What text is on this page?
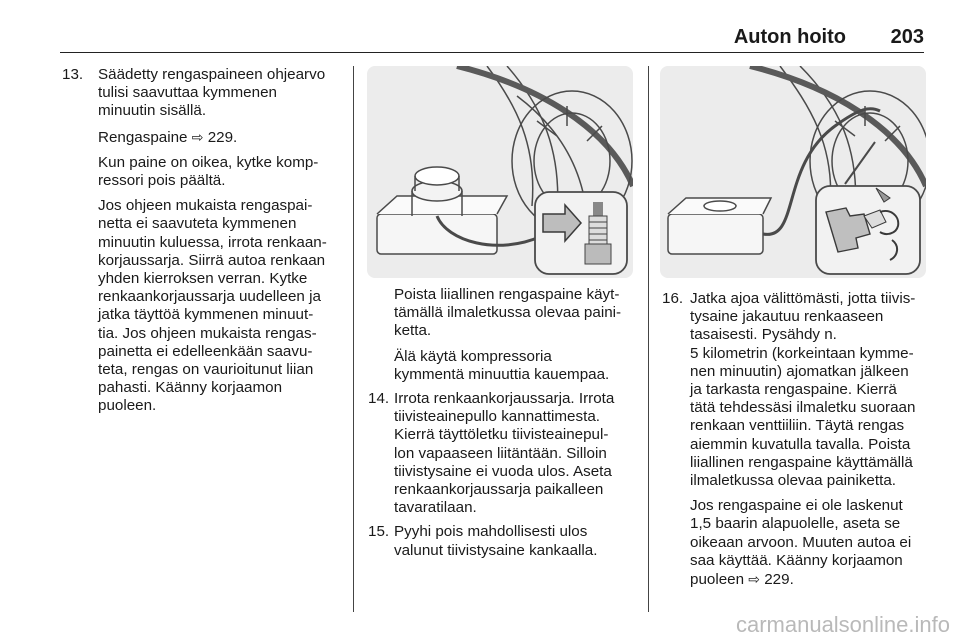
Auton hoito 203
13. Säädetty rengaspaineen ohjearvo
tulisi saavuttaa kymmenen
minuutin sisällä.
Rengaspaine ⇨ 229.
Kun paine on oikea, kytke komp-
ressori pois päältä.
Jos ohjeen mukaista rengaspai-
netta ei saavuteta kymmenen
minuutin kuluessa, irrota renkaan-
korjaussarja. Siirrä autoa renkaan
yhden kierroksen verran. Kytke
renkaankorjaussarja uudelleen ja
jatka täyttöä kymmenen minuut-
tia. Jos ohjeen mukaista rengas-
painetta ei edelleenkään saavu-
teta, rengas on vaurioitunut liian
pahasti. Käänny korjaamon
puoleen.
Poista liiallinen rengaspaine käyt-
tämällä ilmaletkussa olevaa paini-
ketta.
Älä käytä kompressoria
kymmentä minuuttia kauempaa.
14. Irrota renkaankorjaussarja. Irrota
tiivisteainepullo kannattimesta.
Kierrä täyttöletku tiivisteainepul-
lon vapaaseen liitäntään. Silloin
tiivistysaine ei vuoda ulos. Aseta
renkaankorjaussarja paikalleen
tavaratilaan.
15. Pyyhi pois mahdollisesti ulos
valunut tiivistysaine kankaalla.
16. Jatka ajoa välittömästi, jotta tiivis-
tysaine jakautuu renkaaseen
tasaisesti. Pysähdy n.
5 kilometrin (korkeintaan kymme-
nen minuutin) ajomatkan jälkeen
ja tarkasta rengaspaine. Kierrä
tätä tehdessäsi ilmaletku suoraan
renkaan venttiiliin. Täytä rengas
aiemmin kuvatulla tavalla. Poista
liiallinen rengaspaine käyttämällä
ilmaletkussa olevaa painiketta.
Jos rengaspaine ei ole laskenut
1,5 baarin alapuolelle, aseta se
oikeaan arvoon. Muuten autoa ei
saa käyttää. Käänny korjaamon
puoleen ⇨ 229.
carmanualsonline.info
